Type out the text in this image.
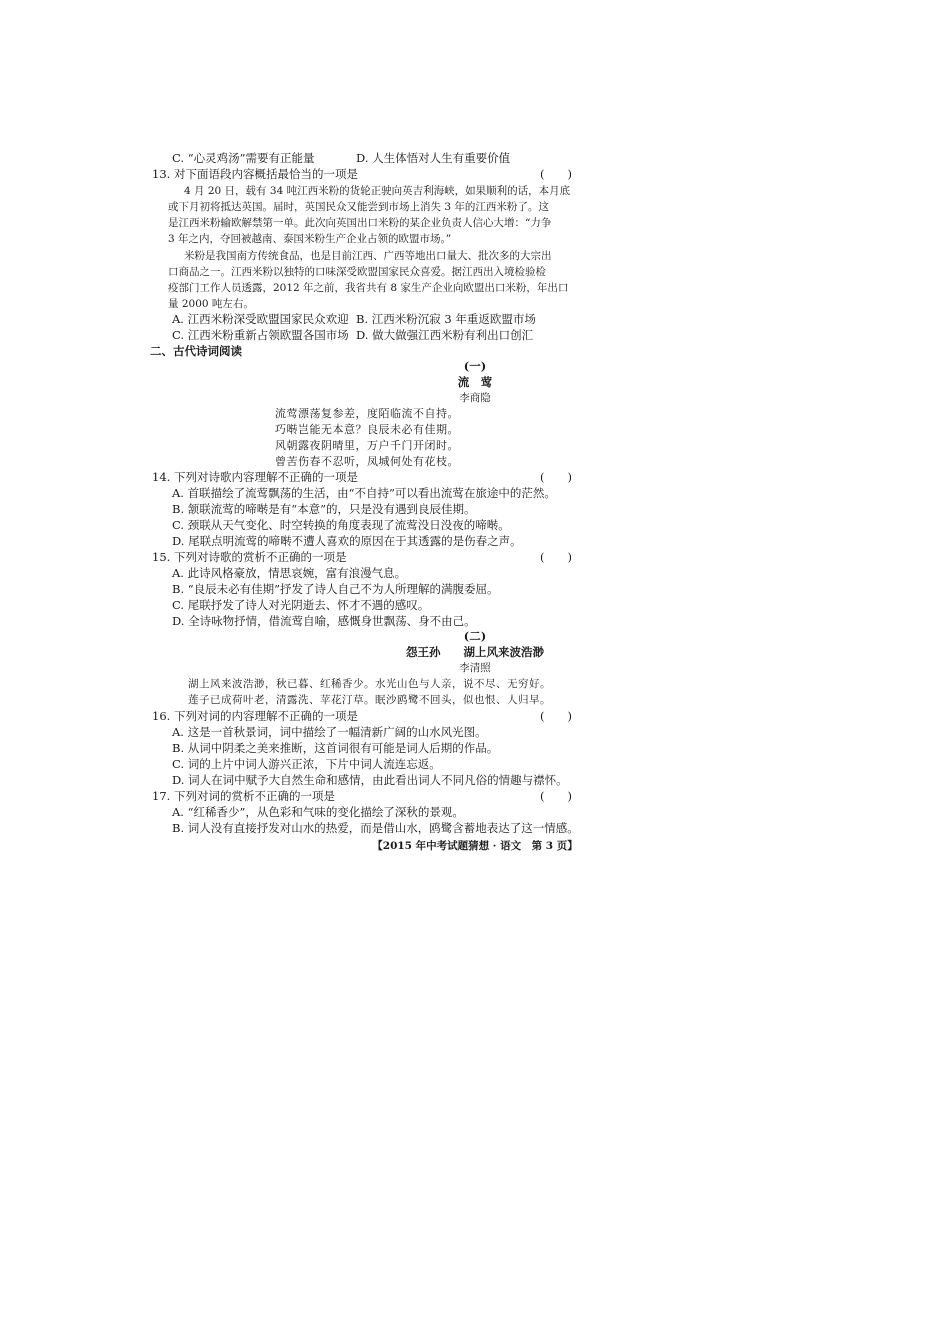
C. “心灵鸡汤”需要有正能量	D. 人生体悟对人生有重要价值
13. 对下面语段内容概括最恰当的一项是	(　　)
4 月 20 日，载有 34 吨江西米粉的货轮正驶向英吉利海峡，如果顺利的话，本月底
或下月初将抵达英国。届时，英国民众又能尝到市场上消失 3 年的江西米粉了。这
是江西米粉输欧解禁第一单。此次向英国出口米粉的某企业负责人信心大增：“力争
3 年之内，夺回被越南、泰国米粉生产企业占领的欧盟市场。”
米粉是我国南方传统食品，也是目前江西、广西等地出口量大、批次多的大宗出
口商品之一。江西米粉以独特的口味深受欧盟国家民众喜爱。据江西出入境检验检
疫部门工作人员透露，2012 年之前，我省共有 8 家生产企业向欧盟出口米粉，年出口
量 2000 吨左右。
A. 江西米粉深受欧盟国家民众欢迎 B. 江西米粉沉寂 3 年重返欧盟市场
C. 江西米粉重新占领欧盟各国市场 D. 做大做强江西米粉有利出口创汇
二、古代诗词阅读
(一)
流　莺
李商隐
流莺漂荡复参差，度陌临流不自持。
巧啭岂能无本意？良辰未必有佳期。
风朝露夜阴晴里，万户千门开闭时。
曾苦伤春不忍听，凤城何处有花枝。
14. 下列对诗歌内容理解不正确的一项是	(　　)
A. 首联描绘了流莺飘荡的生活，由“不自持”可以看出流莺在旅途中的茫然。
B. 颔联流莺的啼啭是有“本意”的，只是没有遇到良辰佳期。
C. 颈联从天气变化、时空转换的角度表现了流莺没日没夜的啼啭。
D. 尾联点明流莺的啼啭不遭人喜欢的原因在于其透露的是伤春之声。
15. 下列对诗歌的赏析不正确的一项是	(　　)
A. 此诗风格豪放，情思哀婉，富有浪漫气息。
B. “良辰未必有佳期”抒发了诗人自己不为人所理解的满腹委屈。
C. 尾联抒发了诗人对光阴逝去、怀才不遇的感叹。
D. 全诗咏物抒情，借流莺自喻，感慨身世飘荡、身不由己。
(二)
怨王孙　　湖上风来波浩渺
李清照
湖上风来波浩渺，秋已暮、红稀香少。水光山色与人亲，说不尽、无穷好。
莲子已成荷叶老，清露洗、苹花汀草。眠沙鸥鹭不回头，似也恨、人归早。
16. 下列对词的内容理解不正确的一项是	(　　)
A. 这是一首秋景词，词中描绘了一幅清新广阔的山水风光图。
B. 从词中阴柔之美来推断，这首词很有可能是词人后期的作品。
C. 词的上片中词人游兴正浓，下片中词人流连忘返。
D. 词人在词中赋予大自然生命和感情，由此看出词人不同凡俗的情趣与襟怀。
17. 下列对词的赏析不正确的一项是	(　　)
A. “红稀香少”，从色彩和气味的变化描绘了深秋的景观。
B. 词人没有直接抒发对山水的热爱，而是借山水，鸥鹭含蓄地表达了这一情感。
【2015 年中考试题猜想 · 语文　第 3 页】
